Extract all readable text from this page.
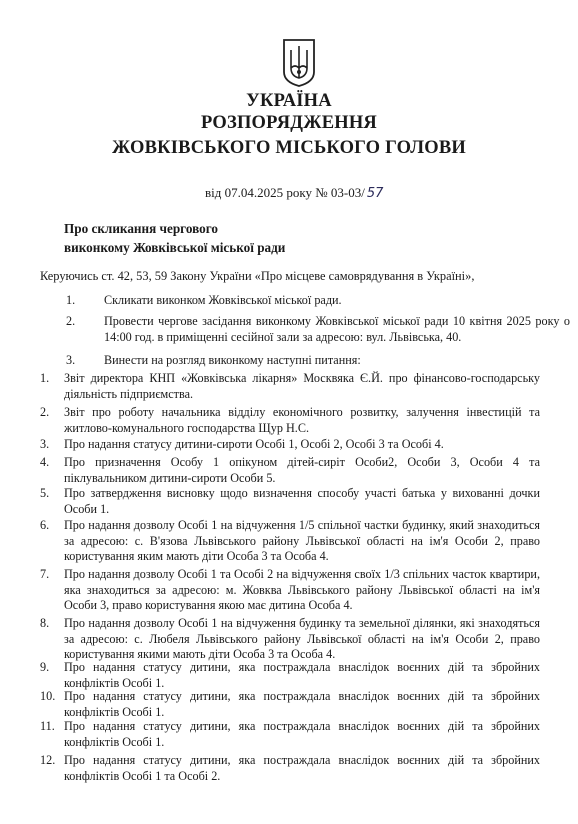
УКРАЇНА
РОЗПОРЯДЖЕННЯ
ЖОВКІВСЬКОГО МІСЬКОГО ГОЛОВИ
від 07.04.2025 року № 03-03/ 57
Про скликання чергового
виконкому Жовківської міської ради
Керуючись ст. 42, 53, 59 Закону України «Про місцеве самоврядування в Україні»,
1.	Скликати виконком Жовківської міської ради.
2.	Провести чергове засідання виконкому Жовківської міської ради 10 квітня 2025 року о 14:00 год. в приміщенні сесійної зали за адресою: вул. Львівська, 40.
3.	Винести на розгляд виконкому наступні питання:
1.	Звіт директора КНП «Жовківська лікарня» Москвяка Є.Й. про фінансово-господарську діяльність підприємства.
2.	Звіт про роботу начальника відділу економічного розвитку, залучення інвестицій та житлово-комунального господарства Щур Н.С.
3.	Про надання статусу дитини-сироти Особі 1, Особі 2, Особі 3 та Особі 4.
4.	Про призначення Особу 1 опікуном дітей-сиріт Особи2, Особи 3, Особи 4 та піклувальником дитини-сироти Особи 5.
5.	Про затвердження висновку щодо визначення способу участі батька у вихованні дочки Особи 1.
6.	Про надання дозволу Особі 1 на відчуження 1/5 спільної частки будинку, який знаходиться за адресою: с. В'язова Львівського району Львівської області на ім'я Особи 2, право користування яким мають діти Особа 3 та Особа 4.
7.	Про надання дозволу Особі 1 та Особі 2 на відчуження своїх 1/3 спільних часток квартири, яка знаходиться за адресою: м. Жовква Львівського району Львівської області на ім'я Особи 3, право користування якою має дитина Особа 4.
8.	Про надання дозволу Особі 1 на відчуження будинку та земельної ділянки, які знаходяться за адресою: с. Любеля Львівського району Львівської області на ім'я Особи 2, право користування якими мають діти Особа 3 та Особа 4.
9.	Про надання статусу дитини, яка постраждала внаслідок воєнних дій та збройних конфліктів Особі 1.
10. Про надання статусу дитини, яка постраждала внаслідок воєнних дій та збройних конфліктів Особі 1.
11. Про надання статусу дитини, яка постраждала внаслідок воєнних дій та збройних конфліктів Особі 1.
12. Про надання статусу дитини, яка постраждала внаслідок воєнних дій та збройних конфліктів Особі 1 та Особі 2.
